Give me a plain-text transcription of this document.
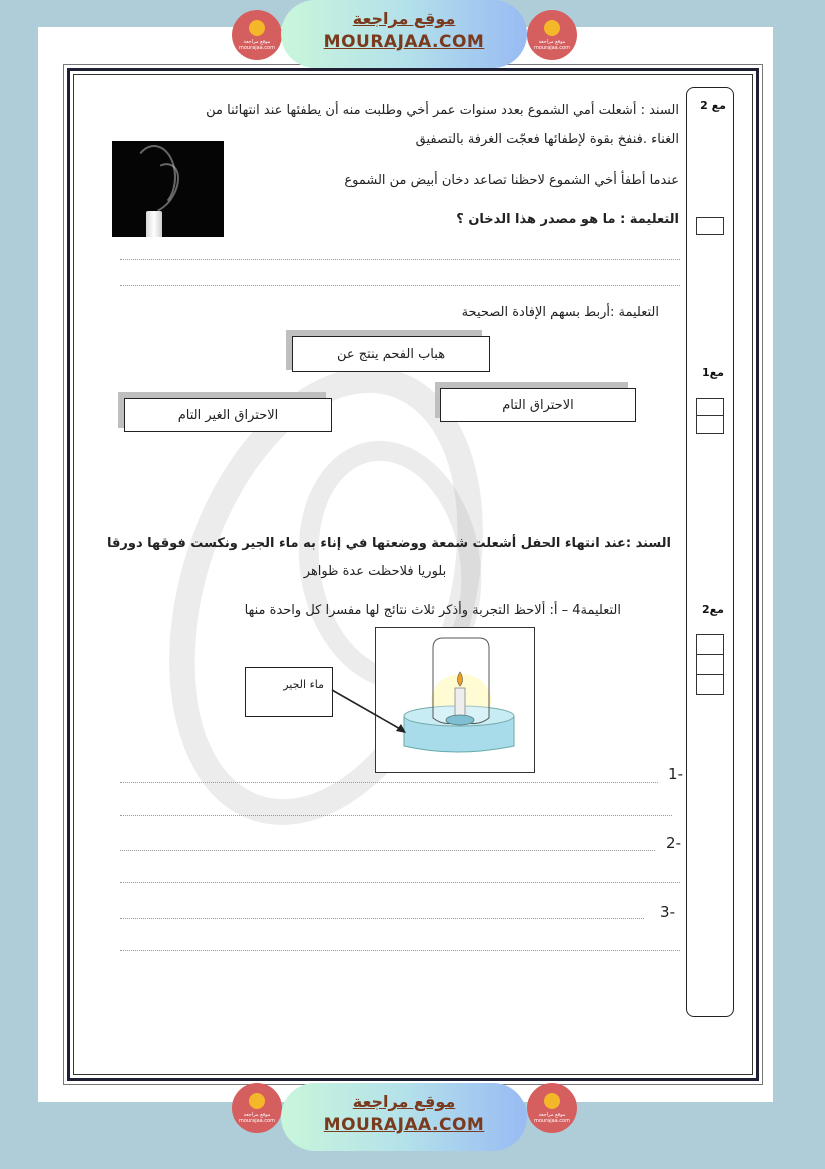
مع 2
مع1
مع2
السند : أشعلت أمي الشموع بعدد سنوات عمر أخي وطلبت منه أن يطفئها عند انتهائنا من
الغناء .فنفخ بقوة لإطفائها فعجّت الغرفة بالتصفيق
عندما أطفأ أخي الشموع لاحظنا تصاعد دخان أبيض من الشموع
التعليمة : ما هو مصدر هذا الدخان ؟
التعليمة :أربط بسهم الإفادة الصحيحة
هباب الفحم ينتج عن
الاحتراق التام
الاحتراق الغير التام
السند :عند انتهاء الحفل أشعلت شمعة ووضعتها في إناء به ماء الجير ونكست فوقها دورقا
بلوريا فلاحظت عدة ظواهر
التعليمة4 – أ: ألاحظ التجربة وأذكر ثلاث نتائج لها مفسرا كل واحدة منها
ماء الجير
-1
-2
-3
موقع مراجعة
mourajaa.com
موقع مراجعة
MOURAJAA.COM	موقع مراجعة
mourajaa.com
موقع مراجعة
mourajaa.com
موقع مراجعة
MOURAJAA.COM	موقع مراجعة
mourajaa.com
